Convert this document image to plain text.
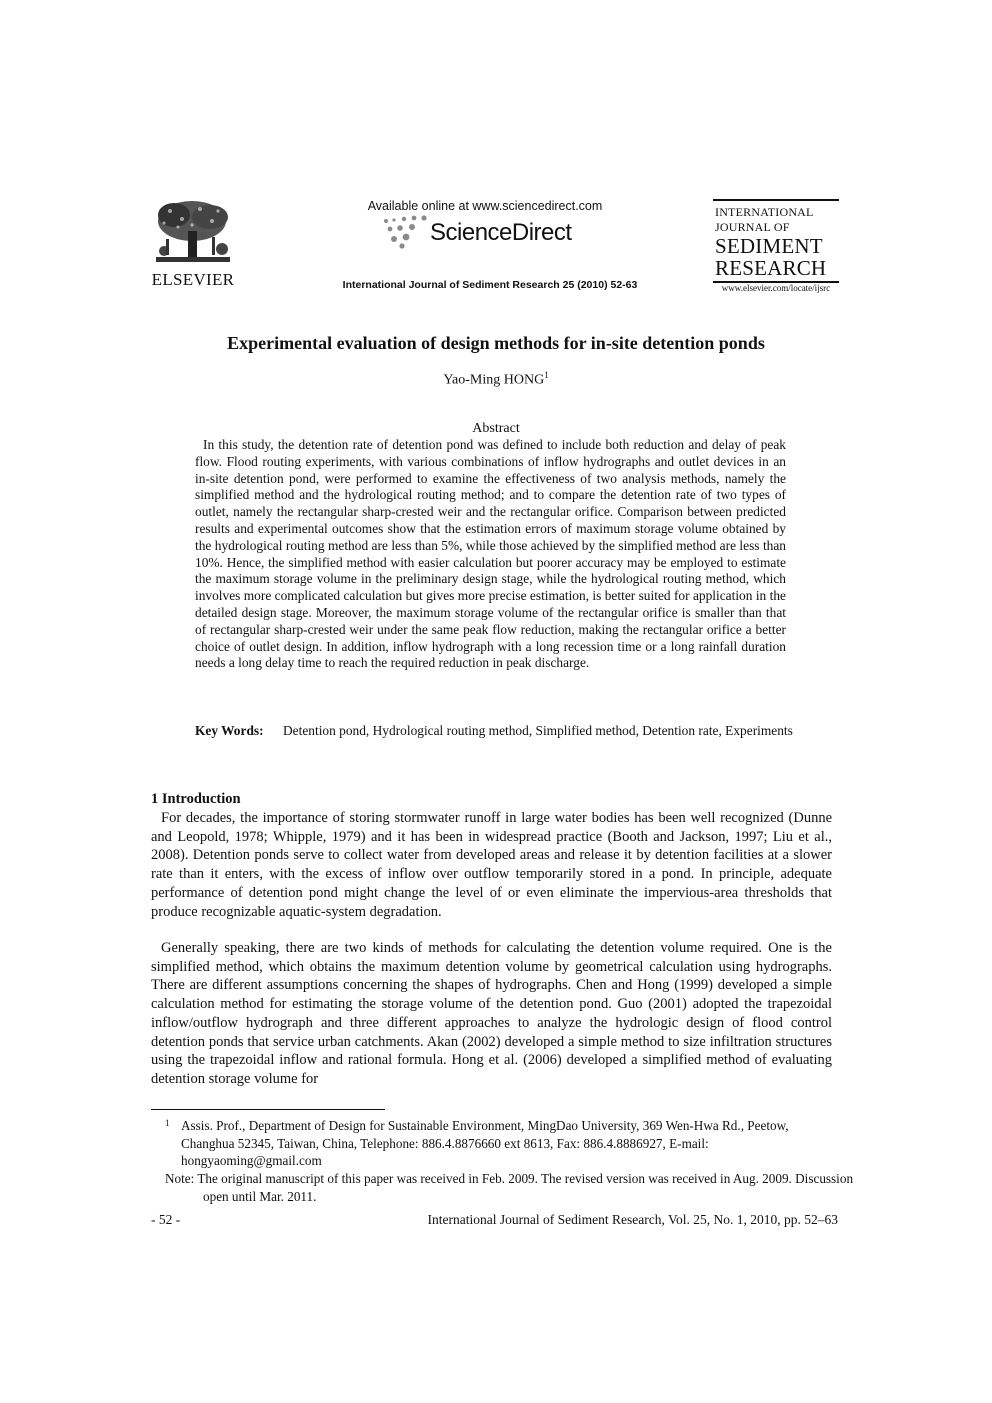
ELSEVIER
Available online at www.sciencedirect.com
ScienceDirect
International Journal of Sediment Research 25 (2010) 52-63
INTERNATIONAL
JOURNAL OF
SEDIMENT
RESEARCH
www.elsevier.com/locate/ijsrc
Experimental evaluation of design methods for in-site detention ponds
Yao-Ming HONG$^1$
Abstract

In this study, the detention rate of detention pond was defined to include both reduction and delay of peak flow. Flood routing experiments, with various combinations of inflow hydrographs and outlet devices in an in-site detention pond, were performed to examine the effectiveness of two analysis methods, namely the simplified method and the hydrological routing method; and to compare the detention rate of two types of outlet, namely the rectangular sharp-crested weir and the rectangular orifice. Comparison between predicted results and experimental outcomes show that the estimation errors of maximum storage volume obtained by the hydrological routing method are less than 5%, while those achieved by the simplified method are less than 10%. Hence, the simplified method with easier calculation but poorer accuracy may be employed to estimate the maximum storage volume in the preliminary design stage, while the hydrological routing method, which involves more complicated calculation but gives more precise estimation, is better suited for application in the detailed design stage. Moreover, the maximum storage volume of the rectangular orifice is smaller than that of rectangular sharp-crested weir under the same peak flow reduction, making the rectangular orifice a better choice of outlet design. In addition, inflow hydrograph with a long recession time or a long rainfall duration needs a long delay time to reach the required reduction in peak discharge.

Key Words: Detention pond, Hydrological routing method, Simplified method, Detention rate, Experiments
1 Introduction

For decades, the importance of storing stormwater runoff in large water bodies has been well recognized (Dunne and Leopold, 1978; Whipple, 1979) and it has been in widespread practice (Booth and Jackson, 1997; Liu et al., 2008). Detention ponds serve to collect water from developed areas and release it by detention facilities at a slower rate than it enters, with the excess of inflow over outflow temporarily stored in a pond. In principle, adequate performance of detention pond might change the level of or even eliminate the impervious-area thresholds that produce recognizable aquatic-system degradation.

Generally speaking, there are two kinds of methods for calculating the detention volume required. One is the simplified method, which obtains the maximum detention volume by geometrical calculation using hydrographs. There are different assumptions concerning the shapes of hydrographs. Chen and Hong (1999) developed a simple calculation method for estimating the storage volume of the detention pond. Guo (2001) adopted the trapezoidal inflow/outflow hydrograph and three different approaches to analyze the hydrologic design of flood control detention ponds that service urban catchments. Akan (2002) developed a simple method to size infiltration structures using the trapezoidal inflow and rational formula. Hong et al. (2006) developed a simplified method of evaluating detention storage volume for

1 Assis. Prof., Department of Design for Sustainable Environment, MingDao University, 369 Wen-Hwa Rd., Peetow, Changhua 52345, Taiwan, China, Telephone: 886.4.8876660 ext 8613, Fax: 886.4.8886927, E-mail: hongyaoming@gmail.com
Note: The original manuscript of this paper was received in Feb. 2009. The revised version was received in Aug. 2009. Discussion open until Mar. 2011.
- 52 -	International Journal of Sediment Research, Vol. 25, No. 1, 2010, pp. 52–63
